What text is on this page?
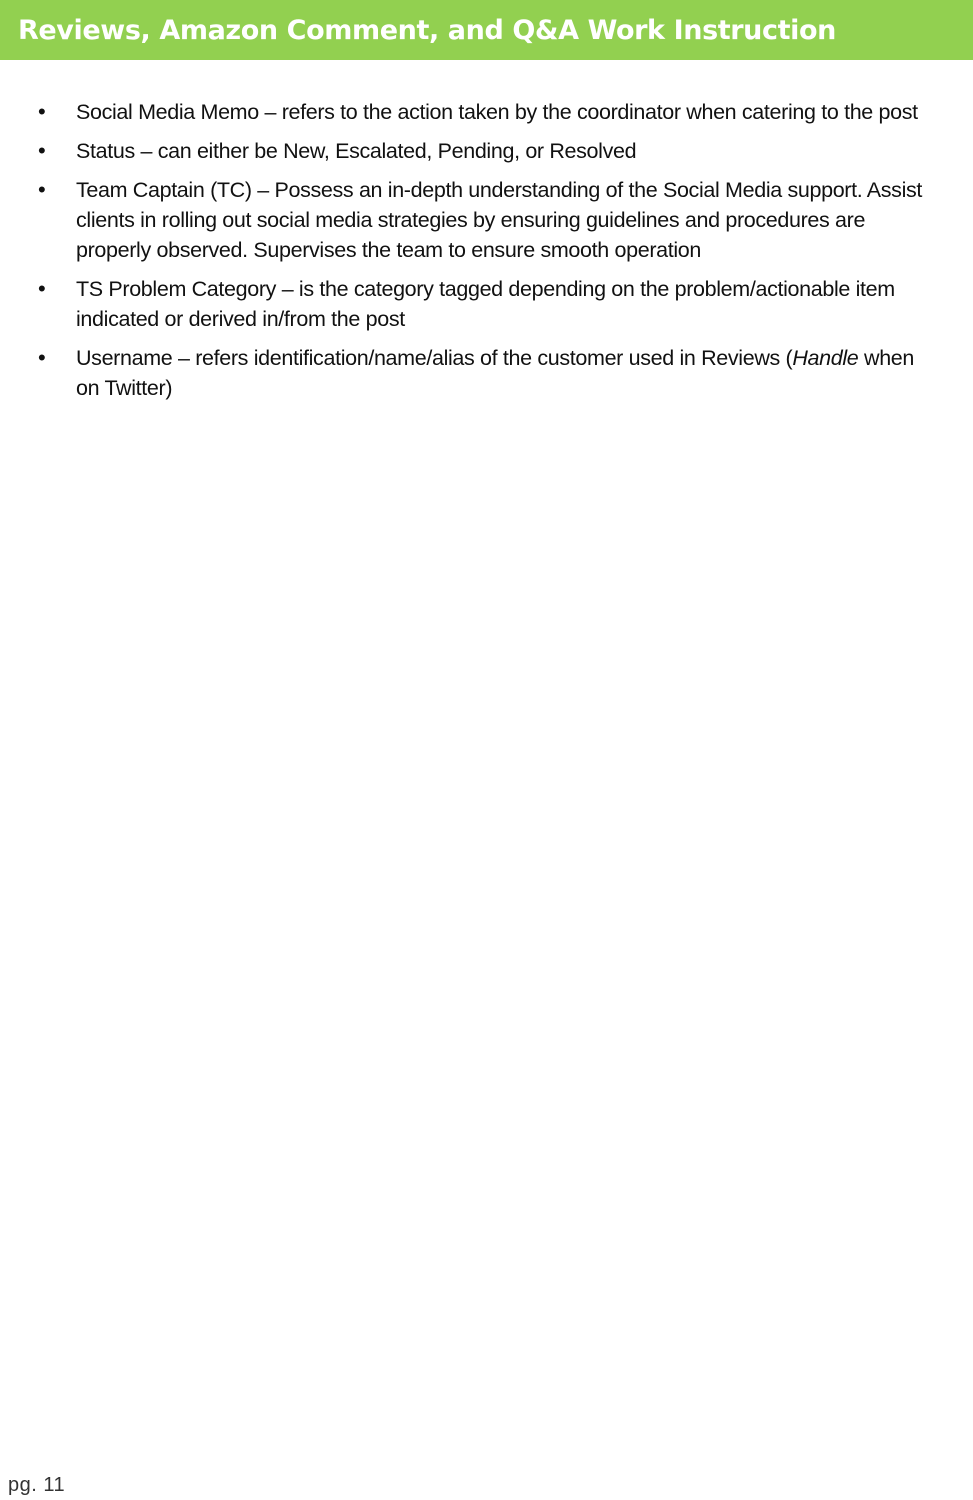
Reviews, Amazon Comment, and Q&A Work Instruction
• Social Media Memo – refers to the action taken by the coordinator when catering to the post
• Status – can either be New, Escalated, Pending, or Resolved
• Team Captain (TC) – Possess an in-depth understanding of the Social Media support. Assist clients in rolling out social media strategies by ensuring guidelines and procedures are properly observed. Supervises the team to ensure smooth operation
• TS Problem Category – is the category tagged depending on the problem/actionable item indicated or derived in/from the post
• Username – refers identification/name/alias of the customer used in Reviews (Handle when on Twitter)
pg. 11
